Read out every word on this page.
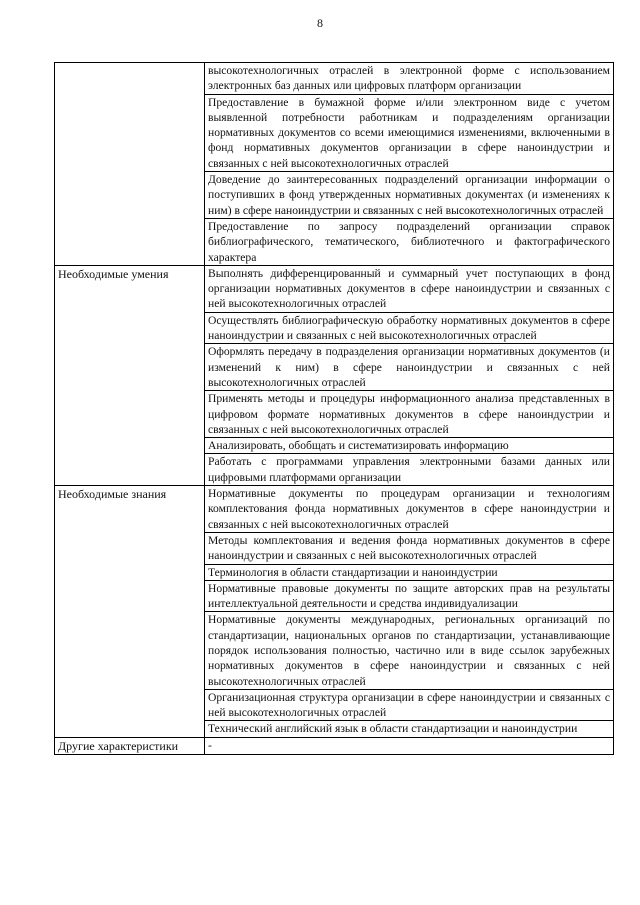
8
	высокотехнологичных отраслей в электронной форме с использованием электронных баз данных или цифровых платформ организации
	Предоставление в бумажной форме и/или электронном виде с учетом выявленной потребности работникам и подразделениям организации нормативных документов со всеми имеющимися изменениями, включенными в фонд нормативных документов организации в сфере наноиндустрии и связанных с ней высокотехнологичных отраслей
	Доведение до заинтересованных подразделений организации информации о поступивших в фонд утвержденных нормативных документах (и изменениях к ним) в сфере наноиндустрии и связанных с ней высокотехнологичных отраслей
	Предоставление по запросу подразделений организации справок библиографического, тематического, библиотечного и фактографического характера
Необходимые умения	Выполнять дифференцированный и суммарный учет поступающих в фонд организации нормативных документов в сфере наноиндустрии и связанных с ней высокотехнологичных отраслей
	Осуществлять библиографическую обработку нормативных документов в сфере наноиндустрии и связанных с ней высокотехнологичных отраслей
	Оформлять передачу в подразделения организации нормативных документов (и изменений к ним) в сфере наноиндустрии и связанных с ней высокотехнологичных отраслей
	Применять методы и процедуры информационного анализа представленных в цифровом формате нормативных документов в сфере наноиндустрии и связанных с ней высокотехнологичных отраслей
	Анализировать, обобщать и систематизировать информацию
	Работать с программами управления электронными базами данных или цифровыми платформами организации
Необходимые знания	Нормативные документы по процедурам организации и технологиям комплектования фонда нормативных документов в сфере наноиндустрии и связанных с ней высокотехнологичных отраслей
	Методы комплектования и ведения фонда нормативных документов в сфере наноиндустрии и связанных с ней высокотехнологичных отраслей
	Терминология в области стандартизации и наноиндустрии
	Нормативные правовые документы по защите авторских прав на результаты интеллектуальной деятельности и средства индивидуализации
	Нормативные документы международных, региональных организаций по стандартизации, национальных органов по стандартизации, устанавливающие порядок использования полностью, частично или в виде ссылок зарубежных нормативных документов в сфере наноиндустрии и связанных с ней высокотехнологичных отраслей
	Организационная структура организации в сфере наноиндустрии и связанных с ней высокотехнологичных отраслей
	Технический английский язык в области стандартизации и наноиндустрии
Другие характеристики	-
